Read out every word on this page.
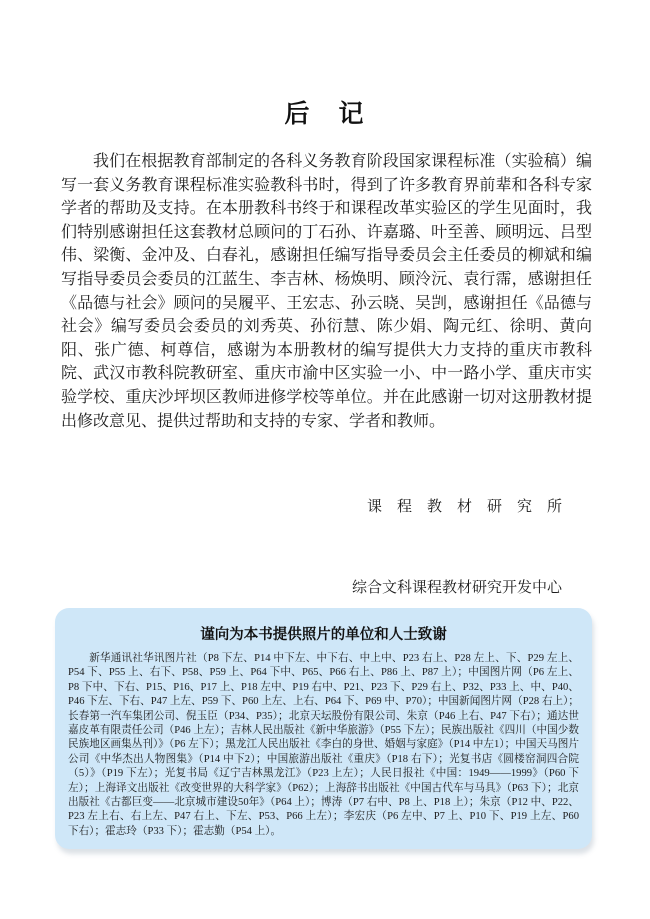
后　记
我们在根据教育部制定的各科义务教育阶段国家课程标准（实验稿）编写一套义务教育课程标准实验教科书时，得到了许多教育界前辈和各科专家学者的帮助及支持。在本册教科书终于和课程改革实验区的学生见面时，我们特别感谢担任这套教材总顾问的丁石孙、许嘉璐、叶至善、顾明远、吕型伟、梁衡、金冲及、白春礼，感谢担任编写指导委员会主任委员的柳斌和编写指导委员会委员的江蓝生、李吉林、杨焕明、顾泠沅、袁行霈，感谢担任《品德与社会》顾问的吴履平、王宏志、孙云晓、吴剀，感谢担任《品德与社会》编写委员会委员的刘秀英、孙衍慧、陈少娟、陶元红、徐明、黄向阳、张广德、柯尊信，感谢为本册教材的编写提供大力支持的重庆市教科院、武汉市教科院教研室、重庆市渝中区实验一小、中一路小学、重庆市实验学校、重庆沙坪坝区教师进修学校等单位。并在此感谢一切对这册教材提出修改意见、提供过帮助和支持的专家、学者和教师。

课　程　教　材　研　究　所

综合文科课程教材研究开发中心

谨向为本书提供照片的单位和人士致谢
新华通讯社华讯图片社（P8 下左、P14 中下左、中下右、中上中、P23 右上、P28 左上、下、P29 左上、P54 下、P55 上、右下、P58、P59 上、P64 下中、P65、P66 右上、P86 上、P87 上）；中国图片网（P6 左上、P8 下中、下右、P15、P16、P17 上、P18 左中、P19 右中、P21、P23 下、P29 右上、P32、P33 上、中、P40、P46 下左、下右、P47 上左、P59 下、P60 上左、上右、P64 下、P69 中、P70）；中国新闻图片网（P28 右上）；长春第一汽车集团公司、倪玉臣（P34、P35）；北京天坛股份有限公司、朱京（P46 上右、P47 下右）；通达世嘉皮革有限责任公司（P46 上左）；吉林人民出版社《新中华旅游》（P55 下左）；民族出版社《四川（中国少数民族地区画集丛刊）》（P6 左下）；黑龙江人民出版社《李白的身世、婚姻与家庭》（P14 中左1）；中国天马图片公司《中华杰出人物图集》（P14 中下2）；中国旅游出版社《重庆》（P18 右下）；光复书店《圆楼窑洞四合院（5）》（P19 下左）；光复书局《辽宁吉林黑龙江》（P23 上左）；人民日报社《中国：1949——1999》（P60 下左）；上海译文出版社《改变世界的大科学家》（P62）；上海辞书出版社《中国古代车与马具》（P63 下）；北京出版社《古都巨变——北京城市建设50年》（P64 上）；博涛（P7 右中、P8 上、P18 上）；朱京（P12 中、P22、P23 左上右、右上左、P47 右上、下左、P53、P66 上左）；李宏庆（P6 左中、P7 上、P10 下、P19 上左、P60 下右）；霍志玲（P33 下）；霍志勤（P54 上）。
